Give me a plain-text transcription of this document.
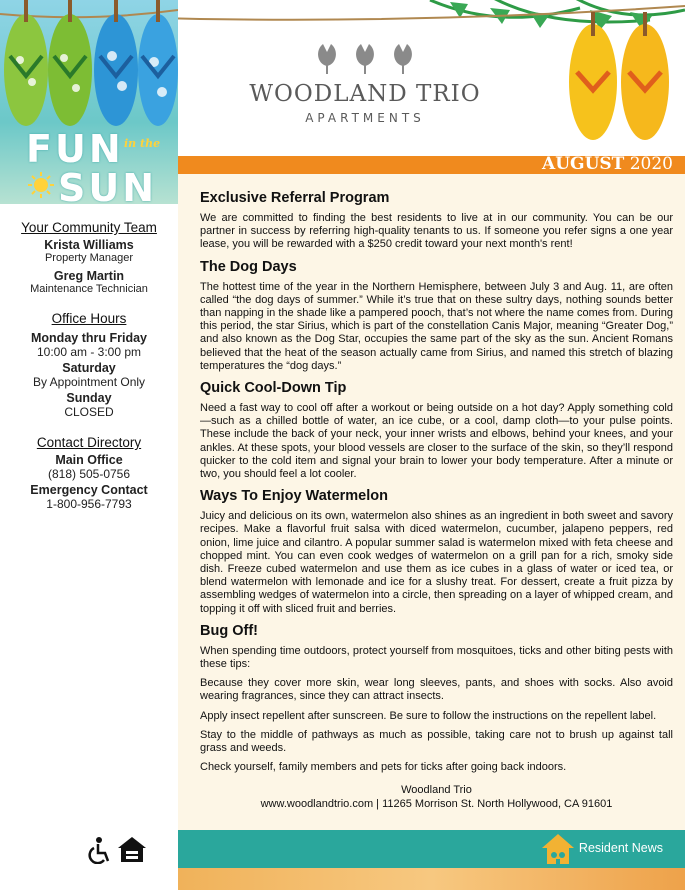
WOODLAND TRIO
APARTMENTS
FUN in the
SUN
Your Community Team
Krista Williams
Property Manager
Greg Martin
Maintenance Technician
Office Hours
Monday thru Friday
10:00 am - 3:00 pm
Saturday
By Appointment Only
Sunday
CLOSED
Contact Directory
Main Office
(818) 505-0756
Emergency Contact
1-800-956-7793
AUGUST 2020
Exclusive Referral Program

We are committed to finding the best residents to live at in our community. You can be our partner in success by referring high-quality tenants to us. If someone you refer signs a one year lease, you will be rewarded with a $250 credit toward your next month's rent!

The Dog Days

The hottest time of the year in the Northern Hemisphere, between July 3 and Aug. 11, are often called “the dog days of summer.” While it’s true that on these sultry days, nothing sounds better than napping in the shade like a pampered pooch, that’s not where the name comes from. During this period, the star Sirius, which is part of the constellation Canis Major, meaning “Greater Dog,” and also known as the Dog Star, occupies the same part of the sky as the sun. Ancient Romans believed that the heat of the season actually came from Sirius, and named this stretch of blazing temperatures the “dog days.”

Quick Cool-Down Tip

Need a fast way to cool off after a workout or being outside on a hot day? Apply something cold—such as a chilled bottle of water, an ice cube, or a cool, damp cloth—to your pulse points. These include the back of your neck, your inner wrists and elbows, behind your knees, and your ankles. At these spots, your blood vessels are closer to the surface of the skin, so they’ll respond quicker to the cold item and signal your brain to lower your body temperature. After a minute or two, you should feel a lot cooler.

Ways To Enjoy Watermelon

Juicy and delicious on its own, watermelon also shines as an ingredient in both sweet and savory recipes. Make a flavorful fruit salsa with diced watermelon, cucumber, jalapeno peppers, red onion, lime juice and cilantro. A popular summer salad is watermelon mixed with feta cheese and chopped mint. You can even cook wedges of watermelon on a grill pan for a rich, smoky side dish. Freeze cubed watermelon and use them as ice cubes in a glass of water or iced tea, or blend watermelon with lemonade and ice for a slushy treat. For dessert, create a fruit pizza by assembling wedges of watermelon into a circle, then spreading on a layer of whipped cream, and topping it off with sliced fruit and berries.

Bug Off!

When spending time outdoors, protect yourself from mosquitoes, ticks and other biting pests with these tips:

Because they cover more skin, wear long sleeves, pants, and shoes with socks. Also avoid wearing fragrances, since they can attract insects.

Apply insect repellent after sunscreen. Be sure to follow the instructions on the repellent label.

Stay to the middle of pathways as much as possible, taking care not to brush up against tall grass and weeds.

Check yourself, family members and pets for ticks after going back indoors.

Woodland Trio
www.woodlandtrio.com | 11265 Morrison St. North Hollywood, CA 91601
Resident News
